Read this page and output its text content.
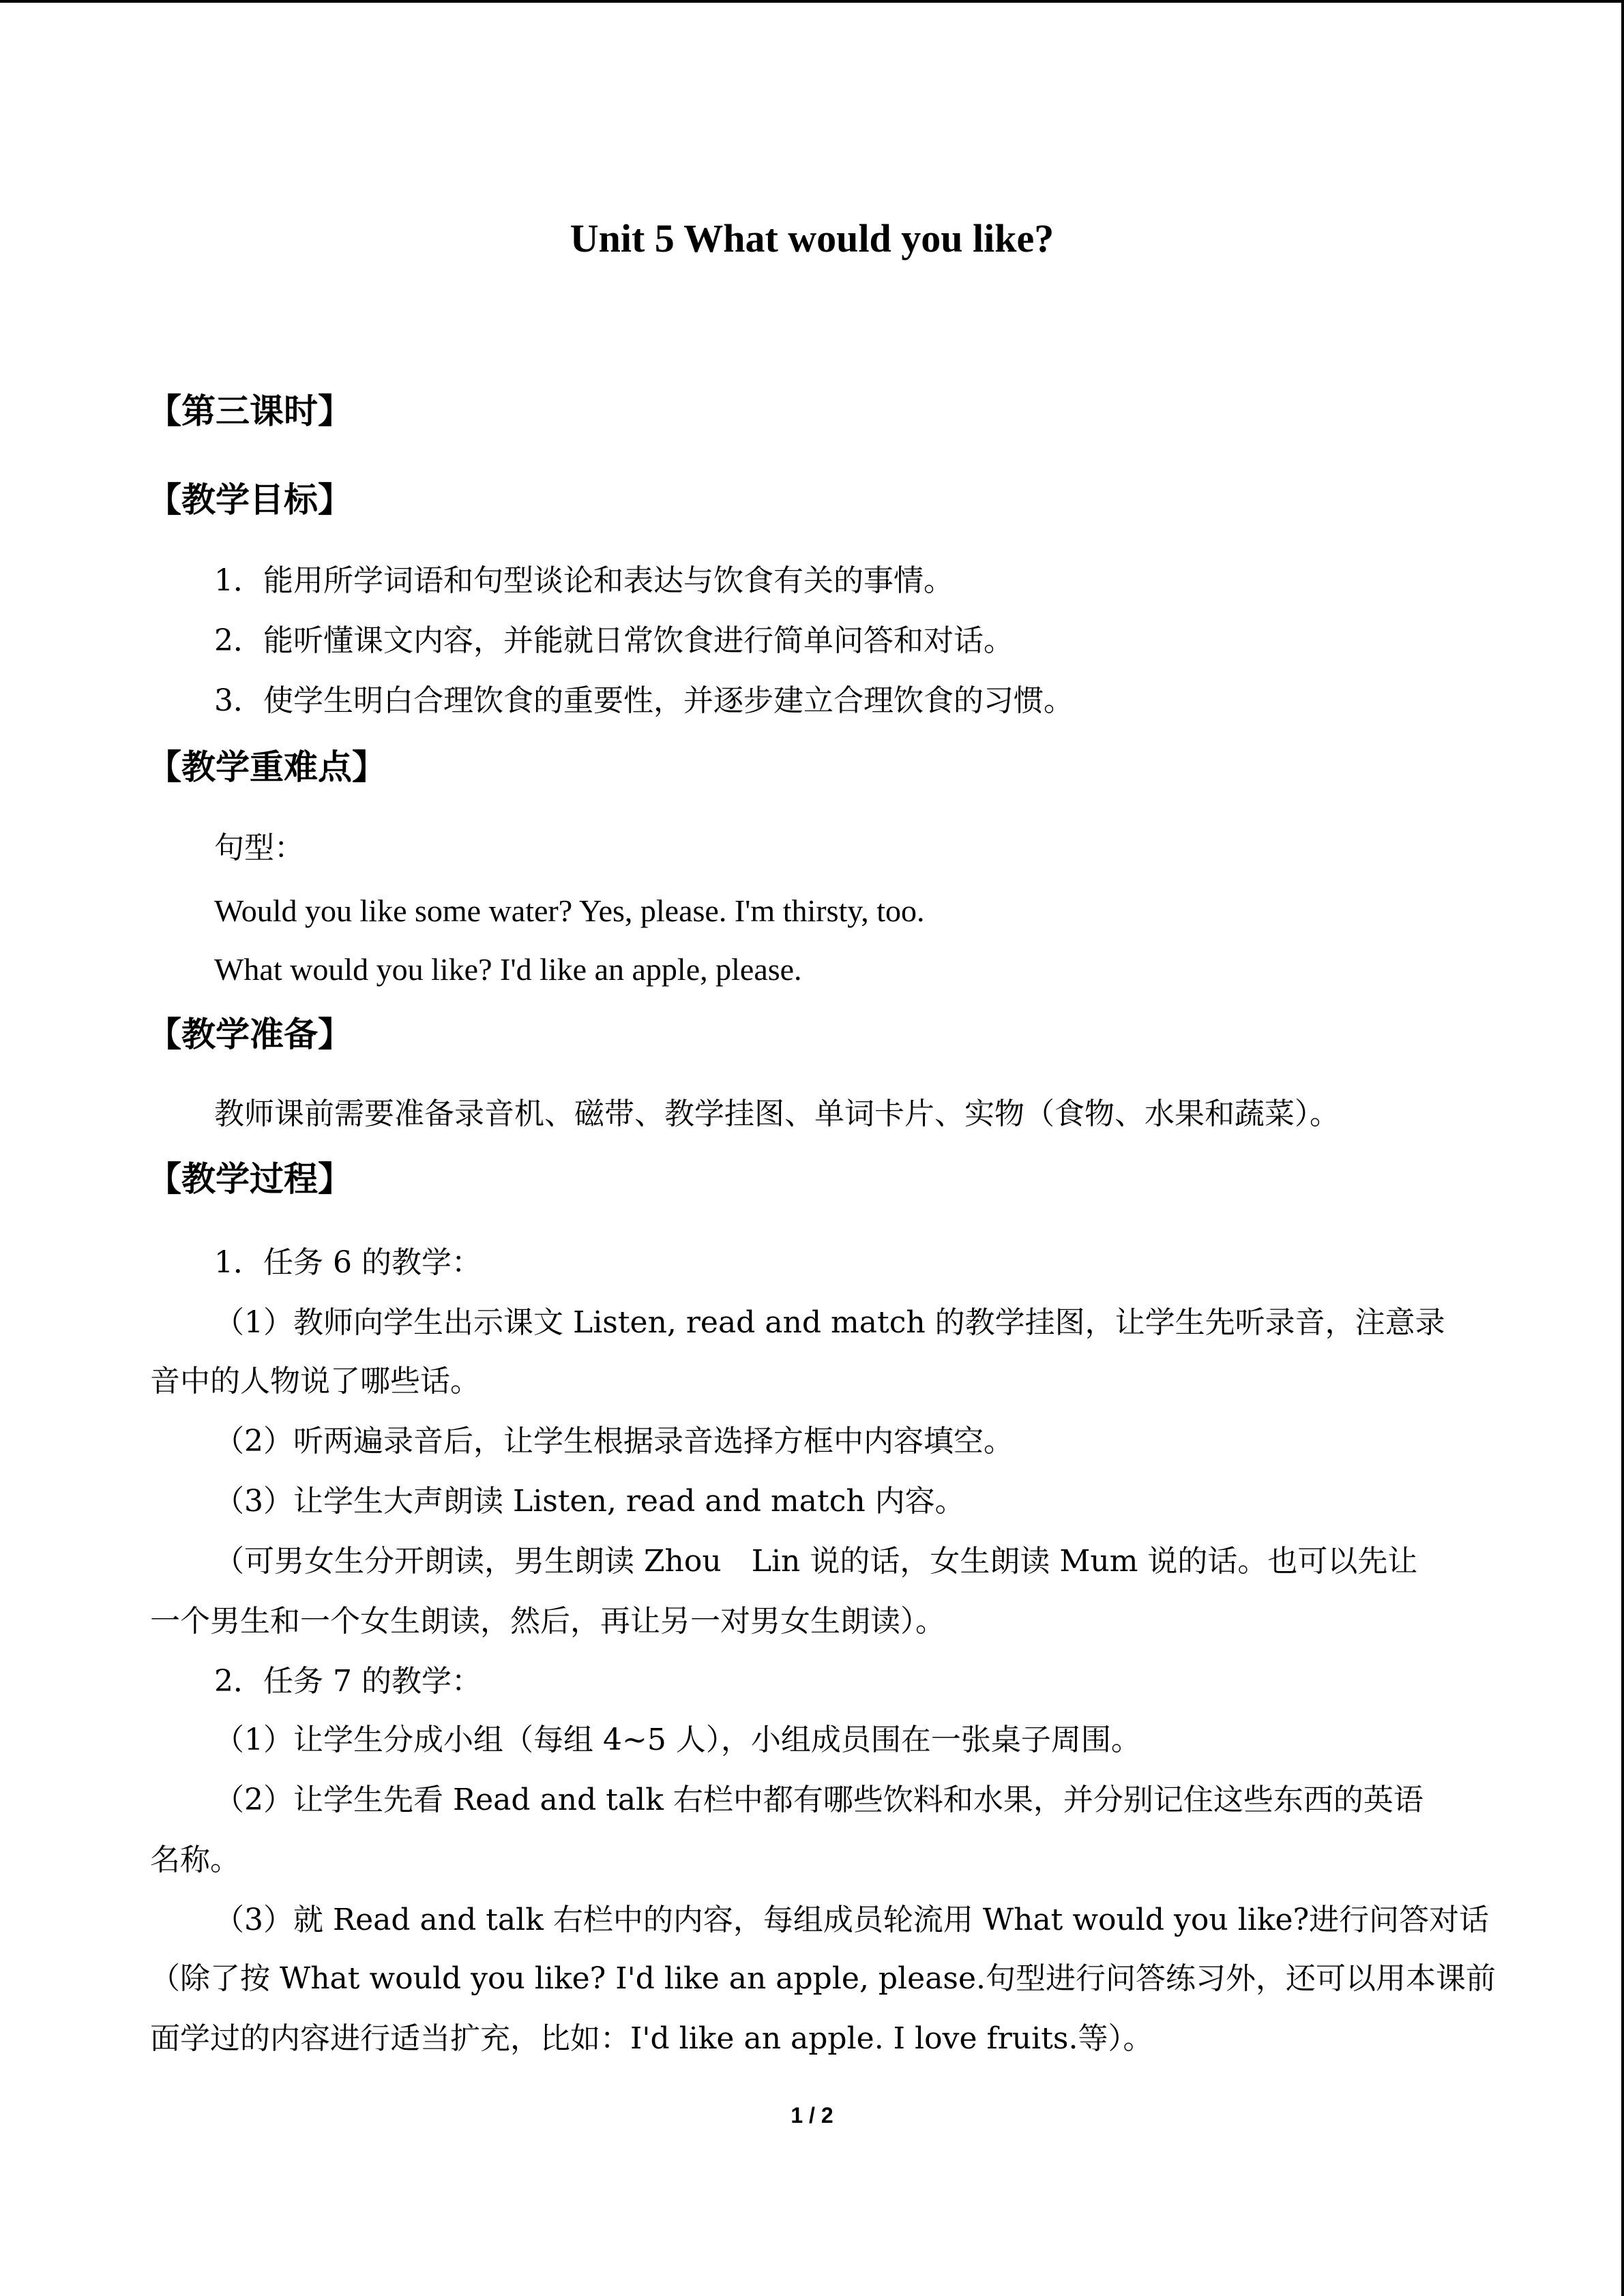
Unit 5 What would you like?
【第三课时】
【教学目标】
1．能用所学词语和句型谈论和表达与饮食有关的事情。
2．能听懂课文内容，并能就日常饮食进行简单问答和对话。
3．使学生明白合理饮食的重要性，并逐步建立合理饮食的习惯。
【教学重难点】
句型：
Would you like some water? Yes, please. I'm thirsty, too.
What would you like? I'd like an apple, please.
【教学准备】
教师课前需要准备录音机、磁带、教学挂图、单词卡片、实物（食物、水果和蔬菜）。
【教学过程】
1．任务 6 的教学：
（1）教师向学生出示课文 Listen, read and match 的教学挂图，让学生先听录音，注意录
音中的人物说了哪些话。
（2）听两遍录音后，让学生根据录音选择方框中内容填空。
（3）让学生大声朗读 Listen, read and match 内容。
（可男女生分开朗读，男生朗读 Zhou　Lin 说的话，女生朗读 Mum 说的话。也可以先让
一个男生和一个女生朗读，然后，再让另一对男女生朗读）。
2．任务 7 的教学：
（1）让学生分成小组（每组 4~5 人），小组成员围在一张桌子周围。
（2）让学生先看 Read and talk 右栏中都有哪些饮料和水果，并分别记住这些东西的英语
名称。
（3）就 Read and talk 右栏中的内容，每组成员轮流用 What would you like?进行问答对话
（除了按 What would you like? I'd like an apple, please.句型进行问答练习外，还可以用本课前
面学过的内容进行适当扩充，比如：I'd like an apple. I love fruits.等）。
1 / 2
